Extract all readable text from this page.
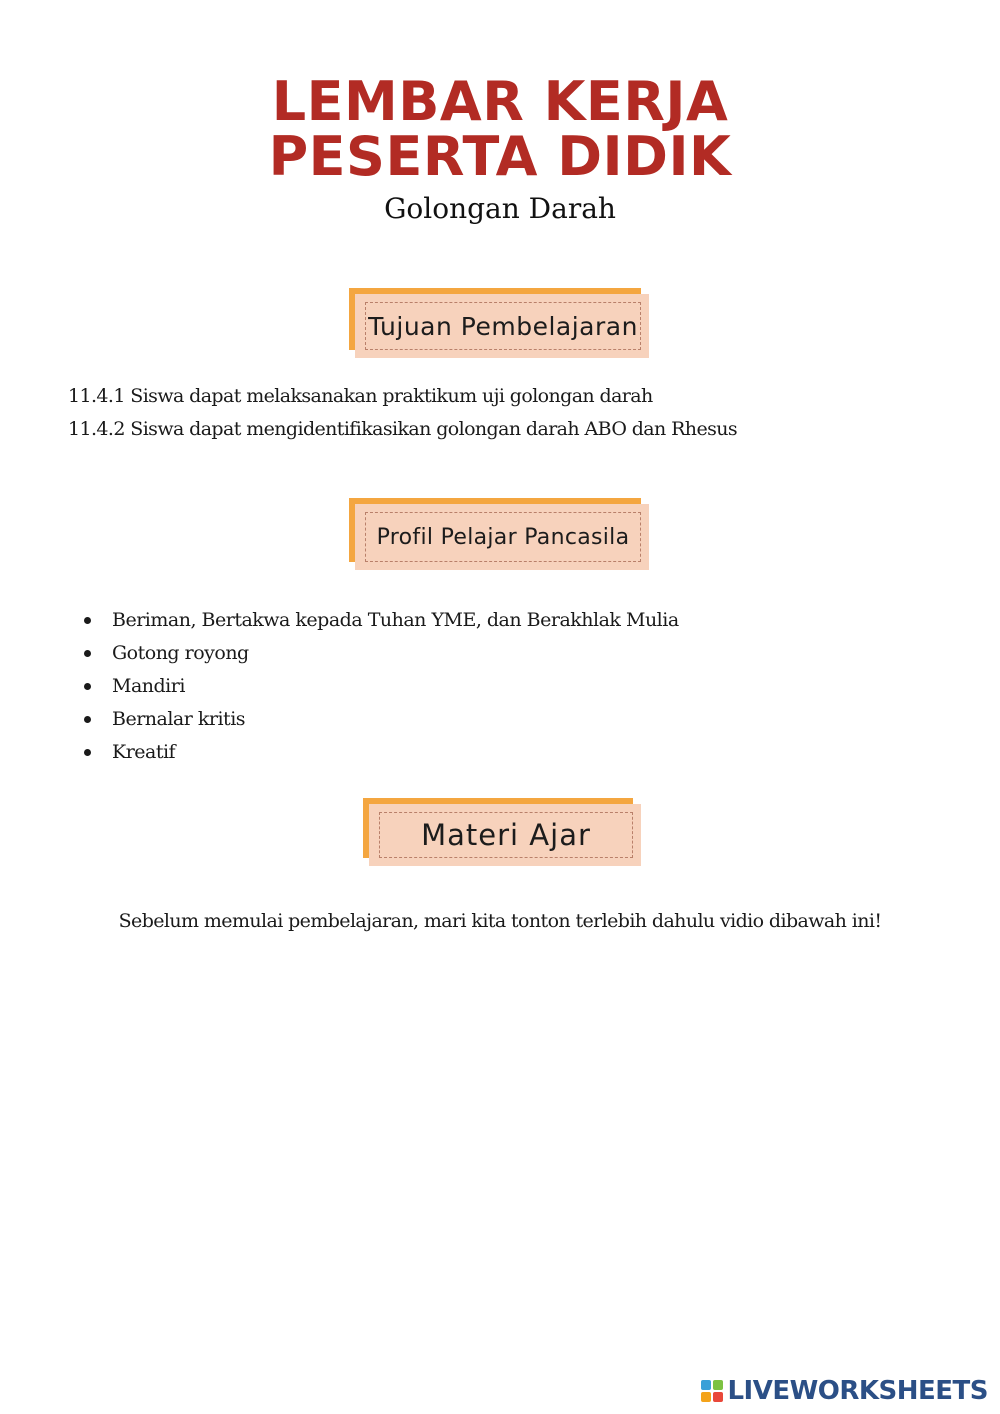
LEMBAR KERJA
PESERTA DIDIK
Golongan Darah
Tujuan Pembelajaran
11.4.1 Siswa dapat melaksanakan praktikum uji golongan darah
11.4.2 Siswa dapat mengidentifikasikan golongan darah ABO dan Rhesus
Profil Pelajar Pancasila
Beriman, Bertakwa kepada Tuhan YME, dan Berakhlak Mulia
Gotong royong
Mandiri
Bernalar kritis
Kreatif
Materi Ajar
Sebelum memulai pembelajaran, mari kita tonton terlebih dahulu vidio dibawah ini!
LIVEWORKSHEETS
